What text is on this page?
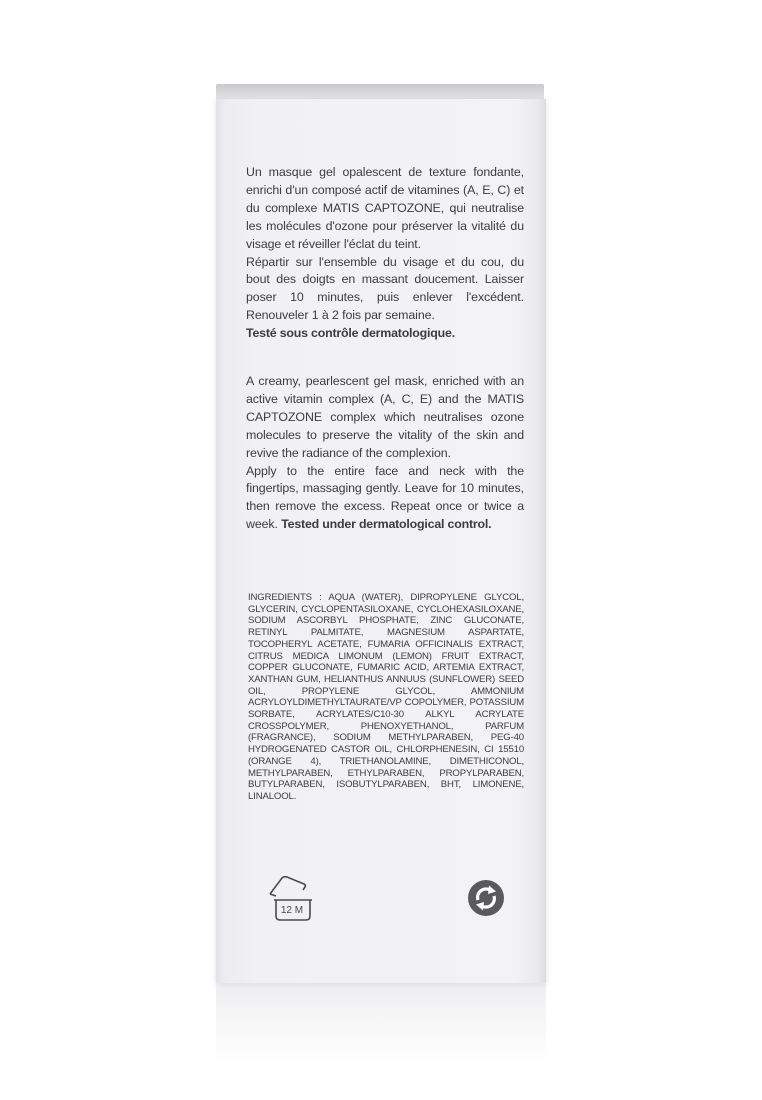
Un masque gel opalescent de texture fondante, enrichi d'un composé actif de vitamines (A, E, C) et du complexe MATIS CAPTOZONE, qui neutralise les molécules d'ozone pour préserver la vitalité du visage et réveiller l'éclat du teint.

Répartir sur l'ensemble du visage et du cou, du bout des doigts en massant doucement. Laisser poser 10 minutes, puis enlever l'excédent. Renouveler 1 à 2 fois par semaine.

Testé sous contrôle dermatologique.

A creamy, pearlescent gel mask, enriched with an active vitamin complex (A, C, E) and the MATIS CAPTOZONE complex which neutralises ozone molecules to preserve the vitality of the skin and revive the radiance of the complexion.

Apply to the entire face and neck with the fingertips, massaging gently. Leave for 10 minutes, then remove the excess. Repeat once or twice a week. Tested under dermatological control.

INGREDIENTS : AQUA (WATER), DIPROPYLENE GLYCOL, GLYCERIN, CYCLOPENTASILOXANE, CYCLOHEXASILOXANE, SODIUM ASCORBYL PHOSPHATE, ZINC GLUCONATE, RETINYL PALMITATE, MAGNESIUM ASPARTATE, TOCOPHERYL ACETATE, FUMARIA OFFICINALIS EXTRACT, CITRUS MEDICA LIMONUM (LEMON) FRUIT EXTRACT, COPPER GLUCONATE, FUMARIC ACID, ARTEMIA EXTRACT, XANTHAN GUM, HELIANTHUS ANNUUS (SUNFLOWER) SEED OIL, PROPYLENE GLYCOL, AMMONIUM ACRYLOYLDIMETHYLTAURATE/VP COPOLYMER, POTASSIUM SORBATE, ACRYLATES/C10-30 ALKYL ACRYLATE CROSSPOLYMER, PHENOXYETHANOL, PARFUM (FRAGRANCE), SODIUM METHYLPARABEN, PEG-40 HYDROGENATED CASTOR OIL, CHLORPHENESIN, CI 15510 (ORANGE 4), TRIETHANOLAMINE, DIMETHICONOL, METHYLPARABEN, ETHYLPARABEN, PROPYLPARABEN, BUTYLPARABEN, ISOBUTYLPARABEN, BHT, LIMONENE, LINALOOL.

12 M
